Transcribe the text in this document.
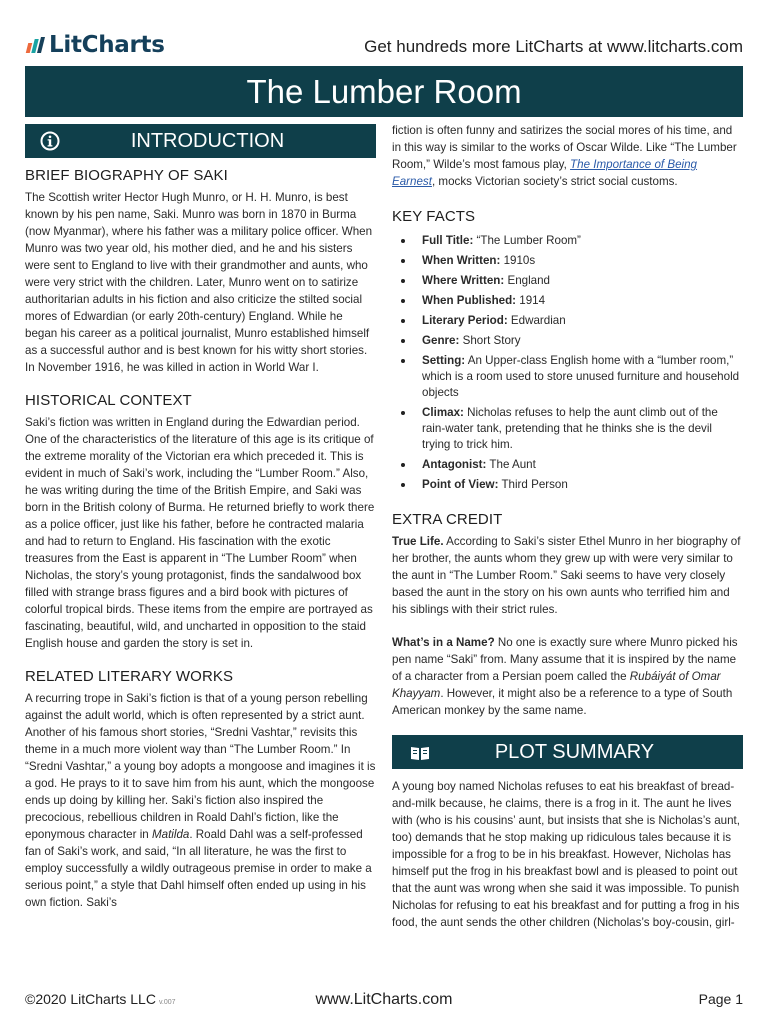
LitCharts	Get hundreds more LitCharts at www.litcharts.com
The Lumber Room
INTRODUCTION
BRIEF BIOGRAPHY OF SAKI

The Scottish writer Hector Hugh Munro, or H. H. Munro, is best known by his pen name, Saki. Munro was born in 1870 in Burma (now Myanmar), where his father was a military police officer. When Munro was two year old, his mother died, and he and his sisters were sent to England to live with their grandmother and aunts, who were very strict with the children. Later, Munro went on to satirize authoritarian adults in his fiction and also criticize the stilted social mores of Edwardian (or early 20th-century) England. While he began his career as a political journalist, Munro established himself as a successful author and is best known for his witty short stories. In November 1916, he was killed in action in World War I.

HISTORICAL CONTEXT

Saki’s fiction was written in England during the Edwardian period. One of the characteristics of the literature of this age is its critique of the extreme morality of the Victorian era which preceded it. This is evident in much of Saki’s work, including the “Lumber Room.” Also, he was writing during the time of the British Empire, and Saki was born in the British colony of Burma. He returned briefly to work there as a police officer, just like his father, before he contracted malaria and had to return to England. His fascination with the exotic treasures from the East is apparent in “The Lumber Room” when Nicholas, the story’s young protagonist, finds the sandalwood box filled with strange brass figures and a bird book with pictures of colorful tropical birds. These items from the empire are portrayed as fascinating, beautiful, wild, and uncharted in opposition to the staid English house and garden the story is set in.

RELATED LITERARY WORKS

A recurring trope in Saki’s fiction is that of a young person rebelling against the adult world, which is often represented by a strict aunt. Another of his famous short stories, “Sredni Vashtar,” revisits this theme in a much more violent way than “The Lumber Room.” In “Sredni Vashtar,” a young boy adopts a mongoose and imagines it is a god. He prays to it to save him from his aunt, which the mongoose ends up doing by killing her. Saki’s fiction also inspired the precocious, rebellious children in Roald Dahl’s fiction, like the eponymous character in Matilda. Roald Dahl was a self-professed fan of Saki’s work, and said, “In all literature, he was the first to employ successfully a wildly outrageous premise in order to make a serious point,” a style that Dahl himself often ended up using in his own fiction. Saki’s

fiction is often funny and satirizes the social mores of his time, and in this way is similar to the works of Oscar Wilde. Like “The Lumber Room,” Wilde’s most famous play, The Importance of Being Earnest, mocks Victorian society’s strict social customs.

KEY FACTS
Full Title: “The Lumber Room”
When Written: 1910s
Where Written: England
When Published: 1914
Literary Period: Edwardian
Genre: Short Story
Setting: An Upper-class English home with a “lumber room,” which is a room used to store unused furniture and household objects
Climax: Nicholas refuses to help the aunt climb out of the rain-water tank, pretending that he thinks she is the devil trying to trick him.
Antagonist: The Aunt
Point of View: Third Person
EXTRA CREDIT

True Life. According to Saki’s sister Ethel Munro in her biography of her brother, the aunts whom they grew up with were very similar to the aunt in “The Lumber Room.” Saki seems to have very closely based the aunt in the story on his own aunts who terrified him and his siblings with their strict rules.

What’s in a Name? No one is exactly sure where Munro picked his pen name “Saki” from. Many assume that it is inspired by the name of a character from a Persian poem called the Rubáiyát of Omar Khayyam. However, it might also be a reference to a type of South American monkey by the same name.

PLOT SUMMARY

A young boy named Nicholas refuses to eat his breakfast of bread-and-milk because, he claims, there is a frog in it. The aunt he lives with (who is his cousins’ aunt, but insists that she is Nicholas’s aunt, too) demands that he stop making up ridiculous tales because it is impossible for a frog to be in his breakfast. However, Nicholas has himself put the frog in his breakfast bowl and is pleased to point out that the aunt was wrong when she said it was impossible. To punish Nicholas for refusing to eat his breakfast and for putting a frog in his food, the aunt sends the other children (Nicholas’s boy-cousin, girl-

©2020 LitCharts LLC v.007	www.LitCharts.com	Page 1
